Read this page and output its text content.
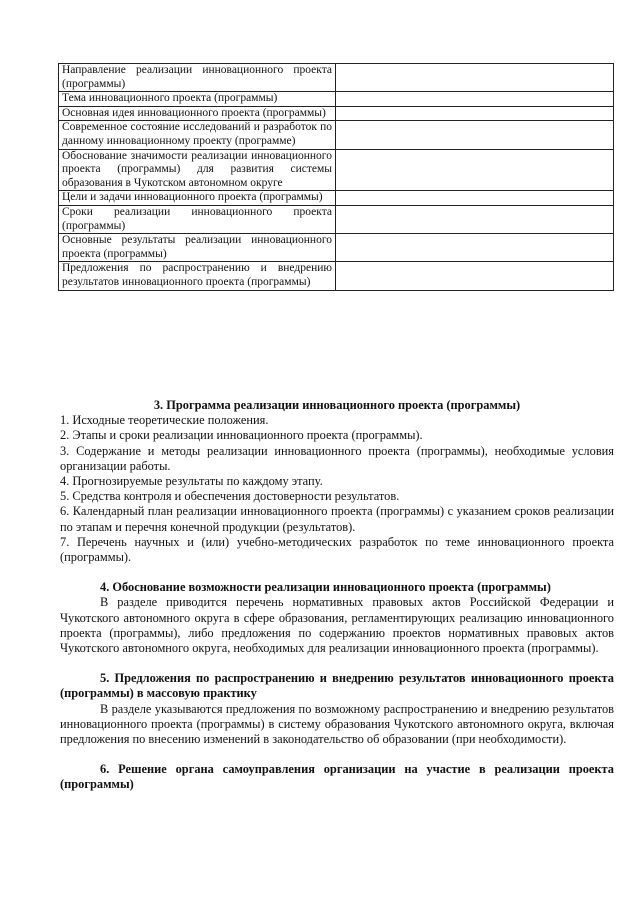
Направление реализации инновационного проекта (программы)	
Тема инновационного проекта (программы)	
Основная идея инновационного проекта (программы)	
Современное состояние исследований и разработок по данному инновационному проекту (программе)	
Обоснование значимости реализации инновационного проекта (программы) для развития системы образования в Чукотском автономном округе	
Цели и задачи инновационного проекта (программы)	
Сроки реализации инновационного проекта (программы)	
Основные результаты реализации инновационного проекта (программы)	
Предложения по распространению и внедрению результатов инновационного проекта (программы)	

3. Программа реализации инновационного проекта (программы)

1. Исходные теоретические положения.

2. Этапы и сроки реализации инновационного проекта (программы).

3. Содержание и методы реализации инновационного проекта (программы), необходимые условия организации работы.

4. Прогнозируемые результаты по каждому этапу.

5. Средства контроля и обеспечения достоверности результатов.

6. Календарный план реализации инновационного проекта (программы) с указанием сроков реализации по этапам и перечня конечной продукции (результатов).

7. Перечень научных и (или) учебно-методических разработок по теме инновационного проекта (программы).

4. Обоснование возможности реализации инновационного проекта (программы)

В разделе приводится перечень нормативных правовых актов Российской Федерации и Чукотского автономного округа в сфере образования, регламентирующих реализацию инновационного проекта (программы), либо предложения по содержанию проектов нормативных правовых актов Чукотского автономного округа, необходимых для реализации инновационного проекта (программы).

5. Предложения по распространению и внедрению результатов инновационного проекта (программы) в массовую практику

В разделе указываются предложения по возможному распространению и внедрению результатов инновационного проекта (программы) в систему образования Чукотского автономного округа, включая предложения по внесению изменений в законодательство об образовании (при необходимости).

6. Решение органа самоуправления организации на участие в реализации проекта (программы)
